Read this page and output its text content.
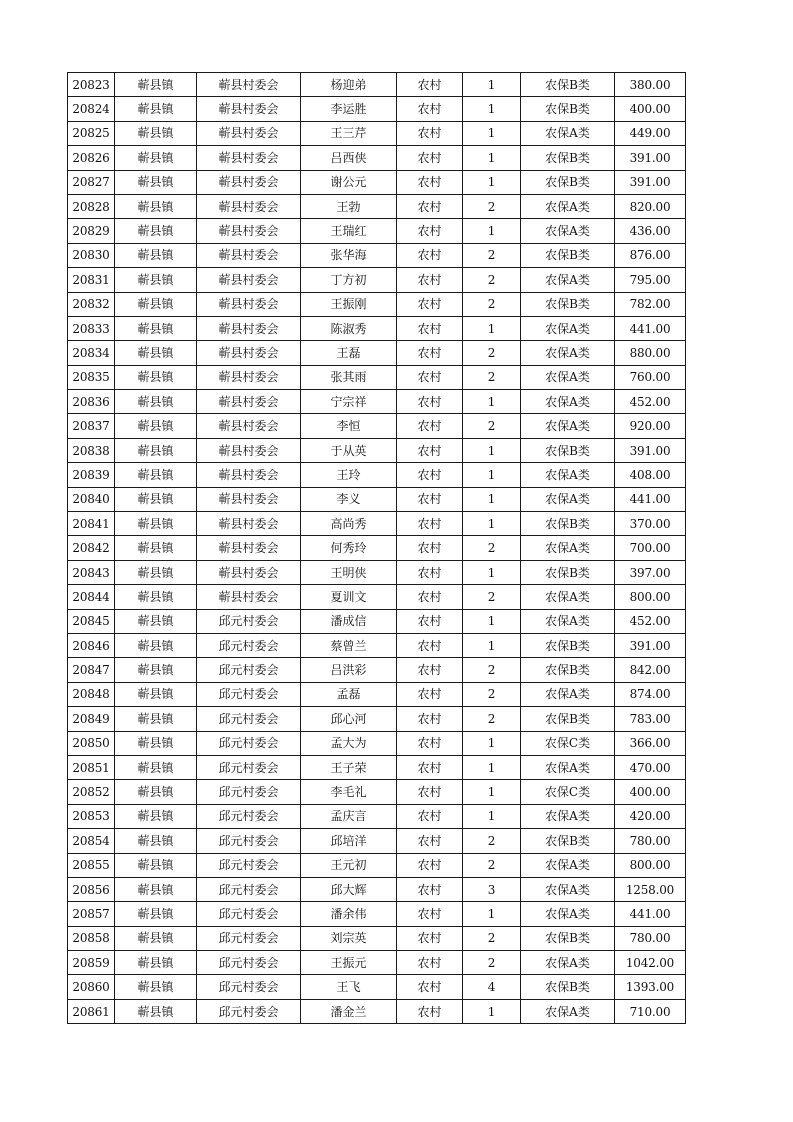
20823	蕲县镇	蕲县村委会	杨迎弟	农村	1	农保B类	380.00
20824	蕲县镇	蕲县村委会	李运胜	农村	1	农保B类	400.00
20825	蕲县镇	蕲县村委会	王三芹	农村	1	农保A类	449.00
20826	蕲县镇	蕲县村委会	吕西侠	农村	1	农保B类	391.00
20827	蕲县镇	蕲县村委会	谢公元	农村	1	农保B类	391.00
20828	蕲县镇	蕲县村委会	王勃	农村	2	农保A类	820.00
20829	蕲县镇	蕲县村委会	王瑞红	农村	1	农保A类	436.00
20830	蕲县镇	蕲县村委会	张华海	农村	2	农保B类	876.00
20831	蕲县镇	蕲县村委会	丁方初	农村	2	农保A类	795.00
20832	蕲县镇	蕲县村委会	王振刚	农村	2	农保B类	782.00
20833	蕲县镇	蕲县村委会	陈淑秀	农村	1	农保A类	441.00
20834	蕲县镇	蕲县村委会	王磊	农村	2	农保A类	880.00
20835	蕲县镇	蕲县村委会	张其雨	农村	2	农保A类	760.00
20836	蕲县镇	蕲县村委会	宁宗祥	农村	1	农保A类	452.00
20837	蕲县镇	蕲县村委会	李恒	农村	2	农保A类	920.00
20838	蕲县镇	蕲县村委会	于从英	农村	1	农保B类	391.00
20839	蕲县镇	蕲县村委会	王玲	农村	1	农保A类	408.00
20840	蕲县镇	蕲县村委会	李义	农村	1	农保A类	441.00
20841	蕲县镇	蕲县村委会	高尚秀	农村	1	农保B类	370.00
20842	蕲县镇	蕲县村委会	何秀玲	农村	2	农保A类	700.00
20843	蕲县镇	蕲县村委会	王明侠	农村	1	农保B类	397.00
20844	蕲县镇	蕲县村委会	夏训文	农村	2	农保A类	800.00
20845	蕲县镇	邱元村委会	潘成信	农村	1	农保A类	452.00
20846	蕲县镇	邱元村委会	蔡曾兰	农村	1	农保B类	391.00
20847	蕲县镇	邱元村委会	吕洪彩	农村	2	农保B类	842.00
20848	蕲县镇	邱元村委会	孟磊	农村	2	农保A类	874.00
20849	蕲县镇	邱元村委会	邱心河	农村	2	农保B类	783.00
20850	蕲县镇	邱元村委会	孟大为	农村	1	农保C类	366.00
20851	蕲县镇	邱元村委会	王子荣	农村	1	农保A类	470.00
20852	蕲县镇	邱元村委会	李毛礼	农村	1	农保C类	400.00
20853	蕲县镇	邱元村委会	孟庆言	农村	1	农保A类	420.00
20854	蕲县镇	邱元村委会	邱培洋	农村	2	农保B类	780.00
20855	蕲县镇	邱元村委会	王元初	农村	2	农保A类	800.00
20856	蕲县镇	邱元村委会	邱大辉	农村	3	农保A类	1258.00
20857	蕲县镇	邱元村委会	潘余伟	农村	1	农保A类	441.00
20858	蕲县镇	邱元村委会	刘宗英	农村	2	农保B类	780.00
20859	蕲县镇	邱元村委会	王振元	农村	2	农保A类	1042.00
20860	蕲县镇	邱元村委会	王飞	农村	4	农保B类	1393.00
20861	蕲县镇	邱元村委会	潘金兰	农村	1	农保A类	710.00
